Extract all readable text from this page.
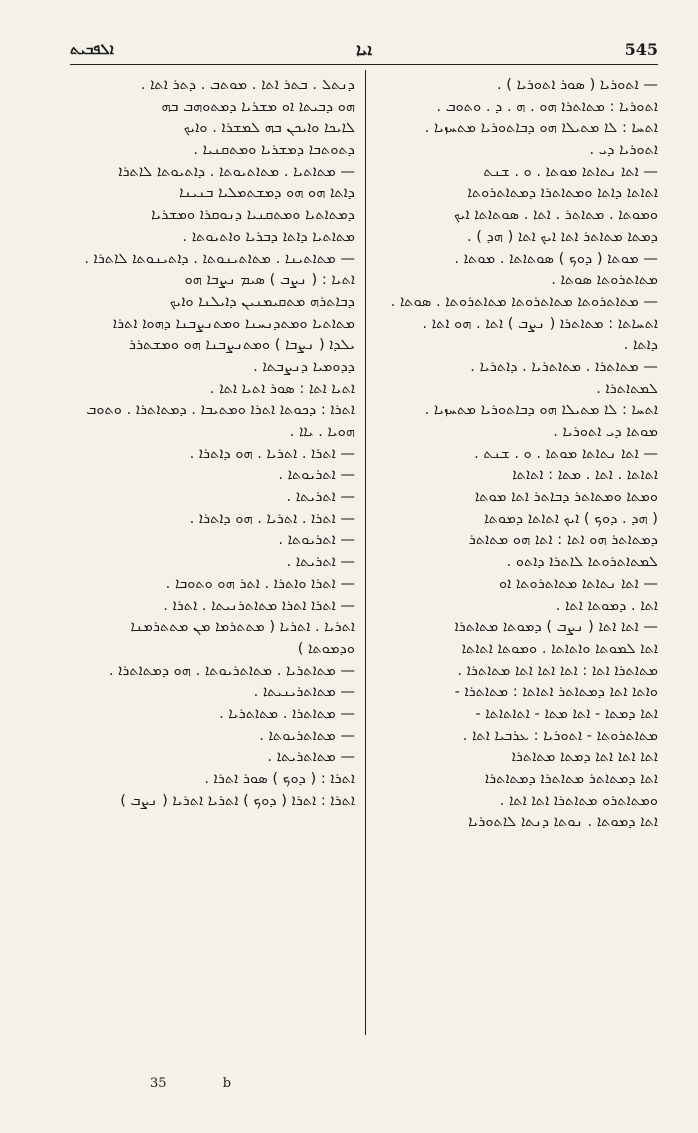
ܐܠܦܒܝܬ	ܐܝܐ	545
ܕܢܬܠ . ܒܬܪ ܐܬܐ . ܡܘܬܒ . ܕܬܪ ܐܬܐ .
ܗܘ ܕܒܝܬܐ ܐܘ ܡܫܪܝܐ ܕܡܬܘܗܒ ܒܗ
ܠܐܝܟܐ ܘܐܝܟܢ ܒܗ ܠܡܫܪܐ . ܘܐܝܟ
ܕܬܘܬܒܐ ܕܡܫܪܝܐ ܘܡܬܩܢܝܐ .
— ܡܬܐܬܝܐ . ܡܬܐܬܝܘܬܐ . ܕܐܬܝܘܬܐ ܠܐܬܪܐ
ܕܐܬܐ ܗܘ ܗܘ ܕܡܫܬܡܠܝܐ ܒܢܝܢܐ
ܕܡܬܐܬܝܐ ܘܡܬܩܢܝܐ ܕܢܘܩܪܐ ܘܡܫܪܝܐ
ܡܬܐܬܝܐ ܕܐܬܐ ܕܒܪܝܐ ܘܐܬܝܘܬܐ .
— ܡܬܐܬܝܢܐ . ܡܬܐܬܝܢܘܬܐ . ܕܐܬܝܢܘܬܐ ܠܐܬܪܐ .
ܐܬܝܐ : ( ܢܨܒ ) ܣܝܡ ܢܨܒܐ ܗܘ
ܕܒܐܬܪܗ ܡܬܩܝܡܢܝܢ ܕܐܝܠܢܐ ܘܐܝܟ
ܡܬܐܬܝܐ ܘܡܬܕܢܚܢܐ ܘܡܬܢܨܒܢܐ ܕܗܘܐ ܐܬܪܐ
ܝܠܕܐ ( ܢܨܒܐ ) ܘܡܬܢܨܒܢܐ ܗܘ ܘܡܫܬܪܪ
ܕܕܘܡܝܐ ܕܢܨܒܬܐ .
ܐܬܝܐ ܐܬܐ : ܣܘܪ ܐܬܝܐ ܐܬܐ .
ܐܬܪܐ : ܕܟܘܬܐ ܐܬܪܐ ܘܡܬܝܒܐ . ܕܡܬܐܬܪܐ . ܘܬܘܒ
ܗܘܝܐ . ܝܐܐ .
— ܐܬܪܐ . ܐܬܪܝܐ . ܗܘ ܕܐܬܪܐ .
— ܐܬܪܝܘܬܐ .
— ܐܬܪܝܬܐ .
— ܐܬܪܐ . ܐܬܪܝܐ . ܗܘ ܕܐܬܪܐ .
— ܐܬܪܝܘܬܐ .
— ܐܬܪܝܬܐ .
— ܐܬܪܐ ܘܐܬܪܐ . ܐܬܪ ܗܘ ܘܬܘܒܐ .
— ܐܬܪܐ ܐܬܪܐ ܡܬܐܬܪܢܝܬܐ . ܐܬܪܐ .
ܐܬܪܝܐ . ܐܬܪܝܐ ( ܡܬܬܪܡܐ ܡܢ ܡܬܬܪܡܢܐ
ܘܕܡܘܬܐ )
— ܡܬܐܬܪܝܐ . ܡܬܐܬܪܝܘܬܐ . ܗܘ ܕܡܬܐܬܪܐ .
— ܡܬܐܬܪܝܢܝܬܐ .
— ܡܬܐܬܪܐ . ܡܬܐܬܪܝܐ .
— ܡܬܐܬܪܝܘܬܐ .
— ܡܬܐܬܪܝܬܐ .
ܐܬܪܐ : ( ܕܘܟ ) ܣܘܪ ܐܬܪܐ .
ܐܬܪܐ : ܐܬܪܐ ( ܕܘܟ ) ܐܬܪܝܐ ܐܬܪܝܐ ( ܢܨܒ )
— ܐܬܘܪܝܐ ( ܣܘܪ ܐܬܘܪܝܐ ) .
ܐܬܘܪܝܐ : ܡܬܐܬܪܐ ܗܘ . ܗ . ܕ . ܘܬܘܒ .
ܐܬܚܐ : ܠܐ ܡܬܝܠܐ ܗܘ ܕܒܐܬܘܪܝܐ ܡܬܚܙܝܐ .
ܐܬܘܪܝܐ ܕܝ .
— ܐܬܐ ܢܬܐܬܐ ܡܘܬܐ . ܘ . ܫܢܬ
ܐܬܐܬܐ ܕܐܬܐ ܘܡܬܐܬܪܐ ܕܡܬܐܬܪܘܬܐ
ܘܡܘܬܐ . ܡܬܐܬܪ . ܐܬܐ . ܣܘܬܐܬܐ ܐܝܟ
ܕܡܬܐ ܡܬܐܬܪ ܐܬܐ ܐܝܟ ܐܬܐ ( ܗܕ ) .
— ܡܘܬܐ ( ܕܘܟ ) ܣܘܬܐܬܐ . ܡܘܬܐ .
ܡܬܐܬܪܘܬܐ ܣܘܬܐ .
— ܡܬܐܬܪܘܬܐ ܡܬܐܬܪܘܬܐ ܡܬܐܬܪܘܬܐ . ܣܘܬܐ .
ܐܬܚܐܬܐ : ܡܬܐܬܪܐ ( ܢܨܒ ) ܐܬܐ . ܗܘ ܐܬܐ .
ܕܐܬܐ .
— ܡܬܐܬܪܐ . ܡܬܐܬܪܝܐ . ܕܐܬܪܝܐ .
ܠܡܬܐܬܪܐ .
ܐܬܚܐ : ܠܐ ܡܬܝܠܐ ܗܘ ܕܒܐܬܘܪܝܐ ܡܬܚܙܝܐ .
ܡܘܬܐ ܕܝ ܐܬܘܪܝܐ .
— ܐܬܐ ܢܬܐܬܐ ܡܘܬܐ . ܘ . ܫܢܬ .
ܐܬܐܬܐ . ܐܬܐ . ܡܬܐ : ܐܬܐܬܐ
ܘܡܬܐ ܘܡܬܐܬܪ ܕܒܐܬܪ ܐܬܐ ܡܘܬܐ
( ܗܕ . ܕܘܟ ) ܐܝܟ ܐܬܐܬܐ ܕܡܘܬܐ
ܕܡܬܐܬܪ ܗܘ ܐܬܐ : ܐܬܐ ܗܘ ܡܬܐܬܪ
ܠܡܬܐܬܪܘܬܐ ܠܐܬܪܐ ܕܐܬܘ .
— ܐܬܐ ܢܬܐܬܐ ܡܬܐܬܪܘܬܐ ܐܘ
ܐܬܐ . ܕܡܘܬܐ ܐܬܐ .
— ܐܬܐ ܐܬܐ ( ܢܨܒ ) ܕܡܘܬܐ ܡܬܐܬܪܐ
ܐܬܐ ܠܡܘܬܐ ܘܐܬܐܬܐ . ܘܡܘܬܐ ܐܬܐܬܐ
ܡܬܐܬܪܐ ܐܬܐ : ܐܬܐ ܐܬܐ ܐܬܐ ܡܬܐܬܪܐ .
ܘܐܬܐ ܐܬܐ ܕܡܬܐܬܪ ܐܬܐܬܐ : ܡܬܐܬܪܐ -
ܐܬܐ ܕܡܬܐ - ܐܬܐ ܡܬܐ - ܐܬܐܬܐܬܐ -
ܡܬܐܬܪܘܬܐ - ܐܬܘܪܝܐ : ܥܪܒܝܐ ܐܬܐ .
ܐܬܐ ܐܬܐ ܐܬܐ ܕܡܬܐ ܡܬܐܬܪܐ
ܐܬܐ ܕܡܬܐܬܪ ܡܬܐܬܪܐ ܕܡܬܐܬܪܐ
ܘܡܬܐܬܪܘ ܡܬܐܬܪܐ ܐܬܐ ܐܬܐ .
ܐܬܐ ܕܡܘܬܐ . ܢܘܬܐ ܕܢܬܐ ܠܐܬܘܪܝܐ
35	b
